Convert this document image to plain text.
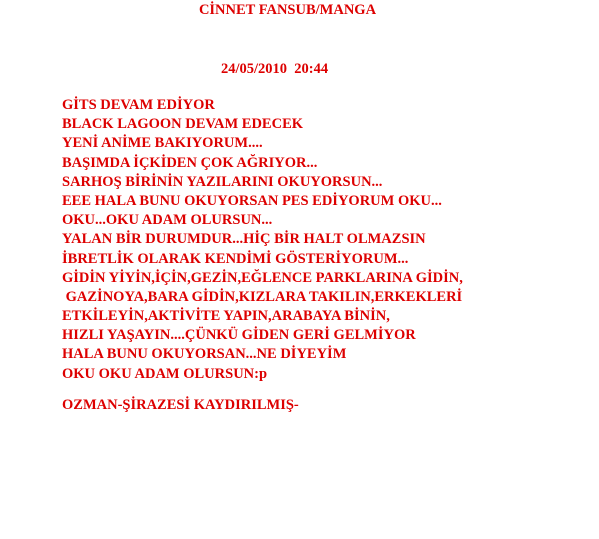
CİNNET FANSUB/MANGA

24/05/2010  20:44

GİTS DEVAM EDİYOR
BLACK LAGOON DEVAM EDECEK
YENİ ANİME BAKIYORUM....
BAŞIMDA İÇKİDEN ÇOK AĞRIYOR...
SARHOŞ BİRİNİN YAZILARINI OKUYORSUN...
EEE HALA BUNU OKUYORSAN PES EDİYORUM OKU...
OKU...OKU ADAM OLURSUN...
YALAN BİR DURUMDUR...HİÇ BİR HALT OLMAZSIN
İBRETLİK OLARAK KENDİMİ GÖSTERİYORUM...
GİDİN YİYİN,İÇİN,GEZİN,EĞLENCE PARKLARINA GİDİN,
GAZİNOYA,BARA GİDİN,KIZLARA TAKILIN,ERKEKLERİ
ETKİLEYİN,AKTİVİTE YAPIN,ARABAYA BİNİN,
HIZLI YAŞAYIN....ÇÜNKÜ GİDEN GERİ GELMİYOR
HALA BUNU OKUYORSAN...NE DİYEYİM
OKU OKU ADAM OLURSUN:p

OZMAN-ŞİRAZESİ KAYDIRILMIŞ-
